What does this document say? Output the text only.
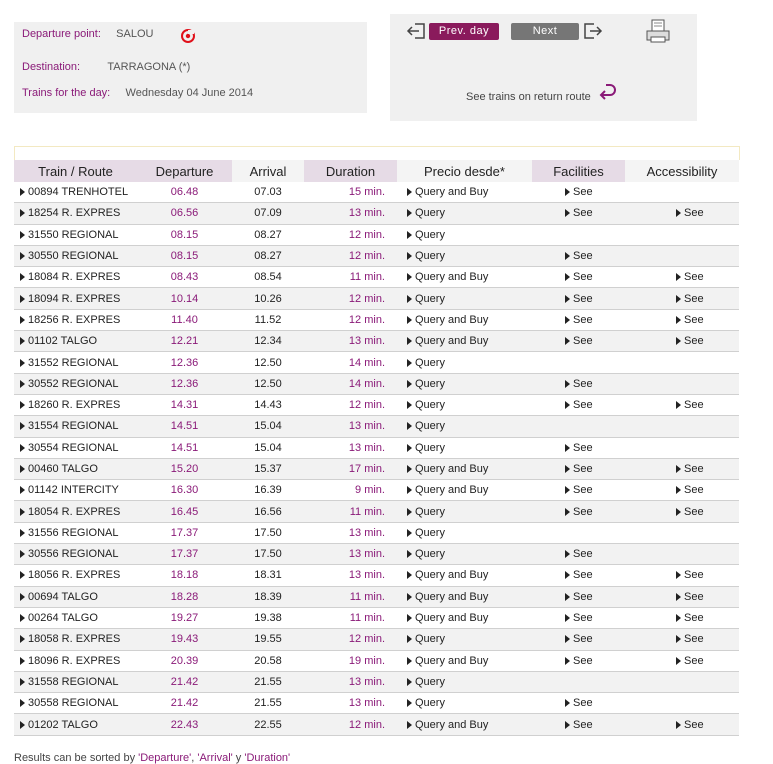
Departure point: SALOU
Destination: TARRAGONA (*)
Trains for the day: Wednesday 04 June 2014
Prev. day	Next
See trains on return route
Train / Route	Departure	Arrival	Duration	Precio desde*	Facilities	Accessibility
00894 TRENHOTEL	06.48	07.03	15 min.	Query and Buy	See	
18254 R. EXPRES	06.56	07.09	13 min.	Query	See	See
31550 REGIONAL	08.15	08.27	12 min.	Query		
30550 REGIONAL	08.15	08.27	12 min.	Query	See	
18084 R. EXPRES	08.43	08.54	11 min.	Query and Buy	See	See
18094 R. EXPRES	10.14	10.26	12 min.	Query	See	See
18256 R. EXPRES	11.40	11.52	12 min.	Query and Buy	See	See
01102 TALGO	12.21	12.34	13 min.	Query and Buy	See	See
31552 REGIONAL	12.36	12.50	14 min.	Query		
30552 REGIONAL	12.36	12.50	14 min.	Query	See	
18260 R. EXPRES	14.31	14.43	12 min.	Query	See	See
31554 REGIONAL	14.51	15.04	13 min.	Query		
30554 REGIONAL	14.51	15.04	13 min.	Query	See	
00460 TALGO	15.20	15.37	17 min.	Query and Buy	See	See
01142 INTERCITY	16.30	16.39	9 min.	Query and Buy	See	See
18054 R. EXPRES	16.45	16.56	11 min.	Query	See	See
31556 REGIONAL	17.37	17.50	13 min.	Query		
30556 REGIONAL	17.37	17.50	13 min.	Query	See	
18056 R. EXPRES	18.18	18.31	13 min.	Query and Buy	See	See
00694 TALGO	18.28	18.39	11 min.	Query and Buy	See	See
00264 TALGO	19.27	19.38	11 min.	Query and Buy	See	See
18058 R. EXPRES	19.43	19.55	12 min.	Query	See	See
18096 R. EXPRES	20.39	20.58	19 min.	Query and Buy	See	See
31558 REGIONAL	21.42	21.55	13 min.	Query		
30558 REGIONAL	21.42	21.55	13 min.	Query	See	
01202 TALGO	22.43	22.55	12 min.	Query and Buy	See	See
Results can be sorted by 'Departure', 'Arrival' y 'Duration'
